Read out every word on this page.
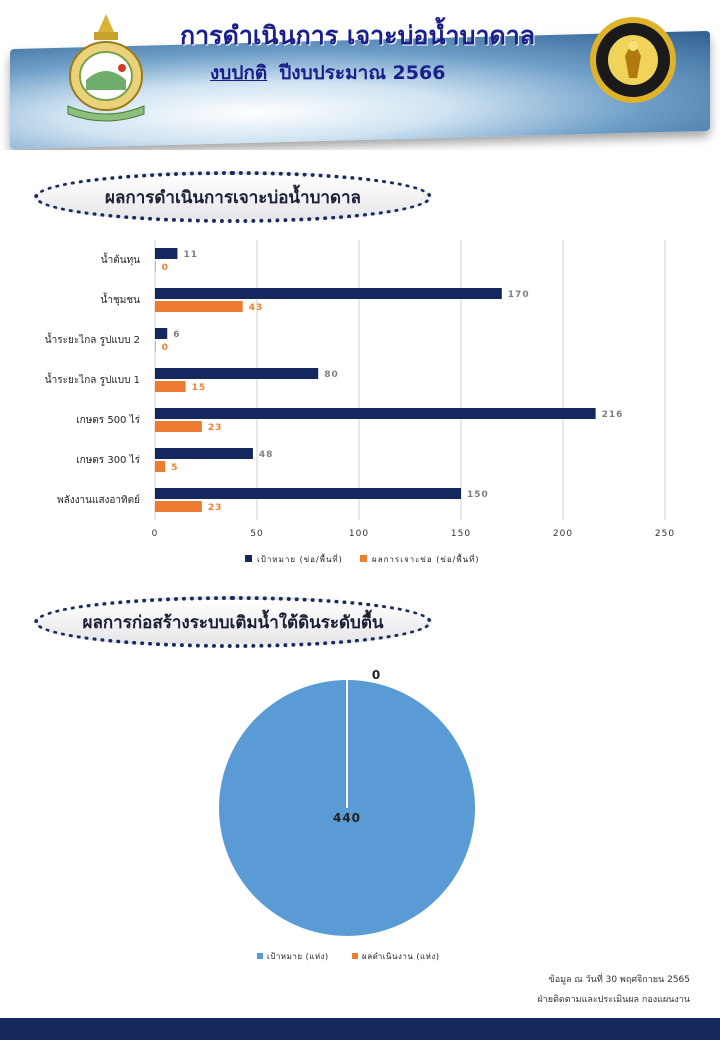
การดำเนินการ เจาะบ่อน้ำบาดาล
งบปกติ ปีงบประมาณ 2566
ผลการดำเนินการเจาะบ่อน้ำบาดาล
0	50	100	150	200	250
น้ำต้นทุน	11
0
น้ำชุมชน	170
43
น้ำระยะไกล รูปแบบ 2	6
0
น้ำระยะไกล รูปแบบ 1	80
15
เกษตร 500 ไร่	216
23
เกษตร 300 ไร่	48
5
พลังงานแสงอาทิตย์	150
23
เป้าหมาย (ข่อ/พื้นที่)	ผลการเจาะข่อ (ข่อ/พื้นที่)
ผลการก่อสร้างระบบเติมน้ำใต้ดินระดับตื้น
440
0
เป้าหมาย (แห่ง)	ผลดำเนินงาน (แห่ง)
ข้อมูล ณ วันที่ 30 พฤศจิกายน 2565
ฝ่ายติดตามและประเมินผล กองแผนงาน
